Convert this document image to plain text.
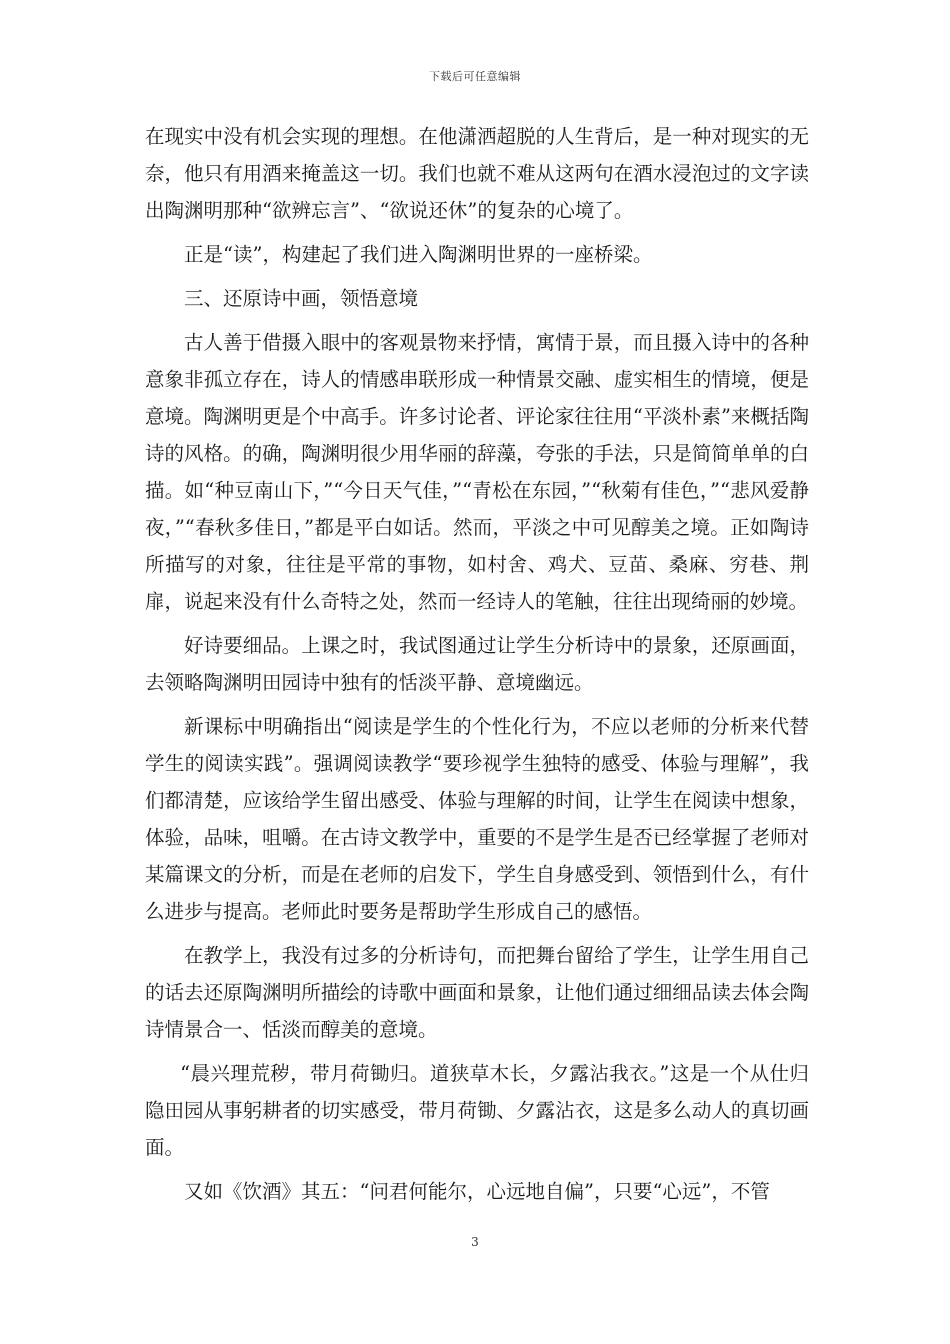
下载后可任意编辑

在现实中没有机会实现的理想。在他潇洒超脱的人生背后，是一种对现实的无奈，他只有用酒来掩盖这一切。我们也就不难从这两句在酒水浸泡过的文字读出陶渊明那种“欲辨忘言”、“欲说还休”的复杂的心境了。

正是“读”，构建起了我们进入陶渊明世界的一座桥梁。

三、还原诗中画，领悟意境

古人善于借摄入眼中的客观景物来抒情，寓情于景，而且摄入诗中的各种意象非孤立存在，诗人的情感串联形成一种情景交融、虚实相生的情境，便是意境。陶渊明更是个中高手。许多讨论者、评论家往往用“平淡朴素”来概括陶诗的风格。的确，陶渊明很少用华丽的辞藻，夸张的手法，只是简简单单的白描。如“种豆南山下，”“今日天气佳，”“青松在东园，”“秋菊有佳色，”“悲风爱静夜，”“春秋多佳日，”都是平白如话。然而，平淡之中可见醇美之境。正如陶诗所描写的对象，往往是平常的事物，如村舍、鸡犬、豆苗、桑麻、穷巷、荆扉，说起来没有什么奇特之处，然而一经诗人的笔触，往往出现绮丽的妙境。

好诗要细品。上课之时，我试图通过让学生分析诗中的景象，还原画面，去领略陶渊明田园诗中独有的恬淡平静、意境幽远。

新课标中明确指出“阅读是学生的个性化行为，不应以老师的分析来代替学生的阅读实践”。强调阅读教学“要珍视学生独特的感受、体验与理解”，我们都清楚，应该给学生留出感受、体验与理解的时间，让学生在阅读中想象，体验，品味，咀嚼。在古诗文教学中，重要的不是学生是否已经掌握了老师对某篇课文的分析，而是在老师的启发下，学生自身感受到、领悟到什么，有什么进步与提高。老师此时要务是帮助学生形成自己的感悟。

在教学上，我没有过多的分析诗句，而把舞台留给了学生，让学生用自己的话去还原陶渊明所描绘的诗歌中画面和景象，让他们通过细细品读去体会陶诗情景合一、恬淡而醇美的意境。

“晨兴理荒秽，带月荷锄归。道狭草木长，夕露沾我衣。”这是一个从仕归隐田园从事躬耕者的切实感受，带月荷锄、夕露沾衣，这是多么动人的真切画面。

又如《饮酒》其五：“问君何能尔，心远地自偏”，只要“心远”，不管

3
